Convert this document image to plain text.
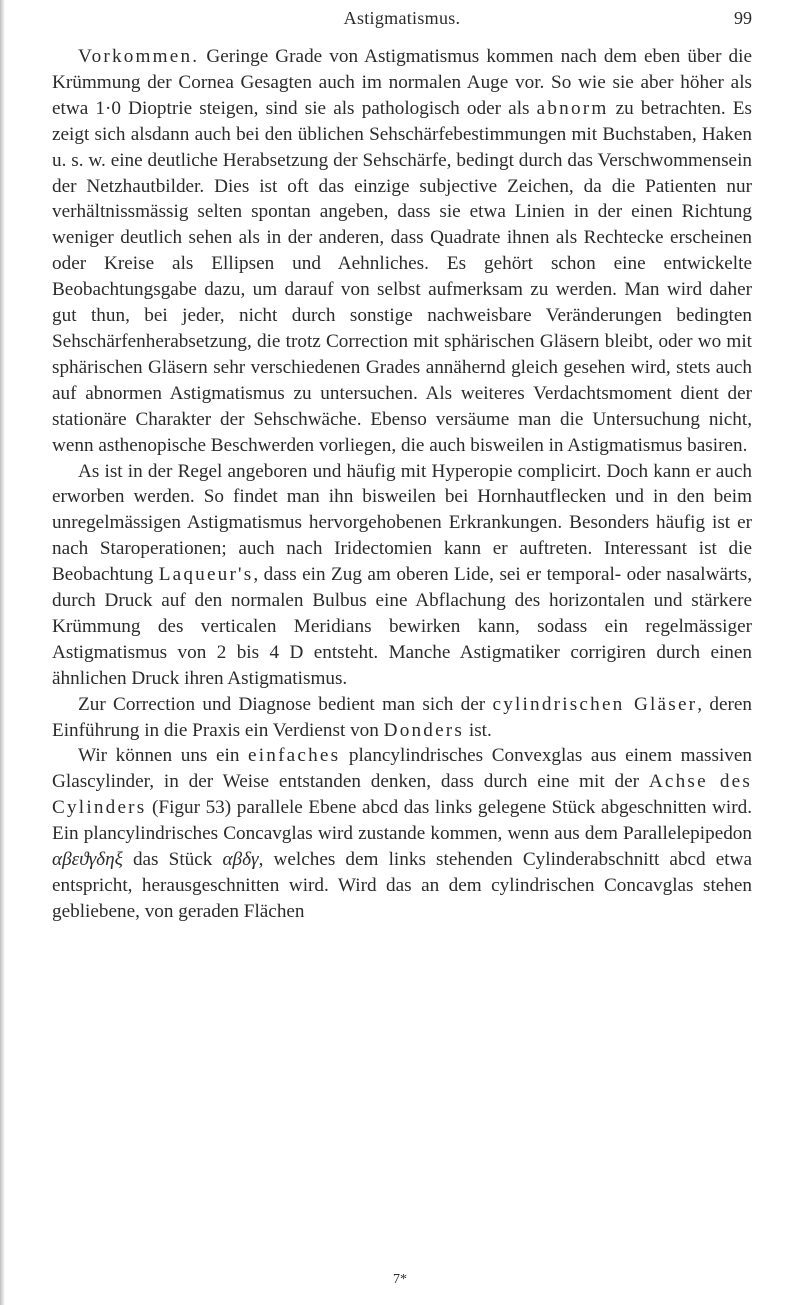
Astigmatismus.	99

Vorkommen. Geringe Grade von Astigmatismus kommen nach dem eben über die Krümmung der Cornea Gesagten auch im normalen Auge vor. So wie sie aber höher als etwa 1·0 Dioptrie steigen, sind sie als pathologisch oder als abnorm zu betrachten. Es zeigt sich alsdann auch bei den üblichen Sehschärfebestimmungen mit Buchstaben, Haken u. s. w. eine deutliche Herabsetzung der Sehschärfe, bedingt durch das Verschwommensein der Netzhautbilder. Dies ist oft das einzige subjective Zeichen, da die Patienten nur verhältnissmässig selten spontan angeben, dass sie etwa Linien in der einen Richtung weniger deutlich sehen als in der anderen, dass Quadrate ihnen als Rechtecke erscheinen oder Kreise als Ellipsen und Aehnliches. Es gehört schon eine entwickelte Beobachtungsgabe dazu, um darauf von selbst aufmerksam zu werden. Man wird daher gut thun, bei jeder, nicht durch sonstige nachweisbare Veränderungen bedingten Sehschärfenherabsetzung, die trotz Correction mit sphärischen Gläsern bleibt, oder wo mit sphärischen Gläsern sehr verschiedenen Grades annähernd gleich gesehen wird, stets auch auf abnormen Astigmatismus zu untersuchen. Als weiteres Verdachtsmoment dient der stationäre Charakter der Sehschwäche. Ebenso versäume man die Untersuchung nicht, wenn asthenopische Beschwerden vorliegen, die auch bisweilen in Astigmatismus basiren.

As ist in der Regel angeboren und häufig mit Hyperopie complicirt. Doch kann er auch erworben werden. So findet man ihn bisweilen bei Hornhautflecken und in den beim unregelmässigen Astigmatismus hervorgehobenen Erkrankungen. Besonders häufig ist er nach Staroperationen; auch nach Iridectomien kann er auftreten. Interessant ist die Beobachtung Laqueur's, dass ein Zug am oberen Lide, sei er temporal- oder nasalwärts, durch Druck auf den normalen Bulbus eine Abflachung des horizontalen und stärkere Krümmung des verticalen Meridians bewirken kann, sodass ein regelmässiger Astigmatismus von 2 bis 4 D entsteht. Manche Astigmatiker corrigiren durch einen ähnlichen Druck ihren Astigmatismus.

Zur Correction und Diagnose bedient man sich der cylindrischen Gläser, deren Einführung in die Praxis ein Verdienst von Donders ist.

Wir können uns ein einfaches plancylindrisches Convexglas aus einem massiven Glascylinder, in der Weise entstanden denken, dass durch eine mit der Achse des Cylinders (Figur 53) parallele Ebene abcd das links gelegene Stück abgeschnitten wird. Ein plancylindrisches Concavglas wird zustande kommen, wenn aus dem Parallelepipedon αβεϑγδηξ das Stück αβδγ, welches dem links stehenden Cylinderabschnitt abcd etwa entspricht, herausgeschnitten wird. Wird das an dem cylindrischen Concavglas stehen gebliebene, von geraden Flächen

7*
